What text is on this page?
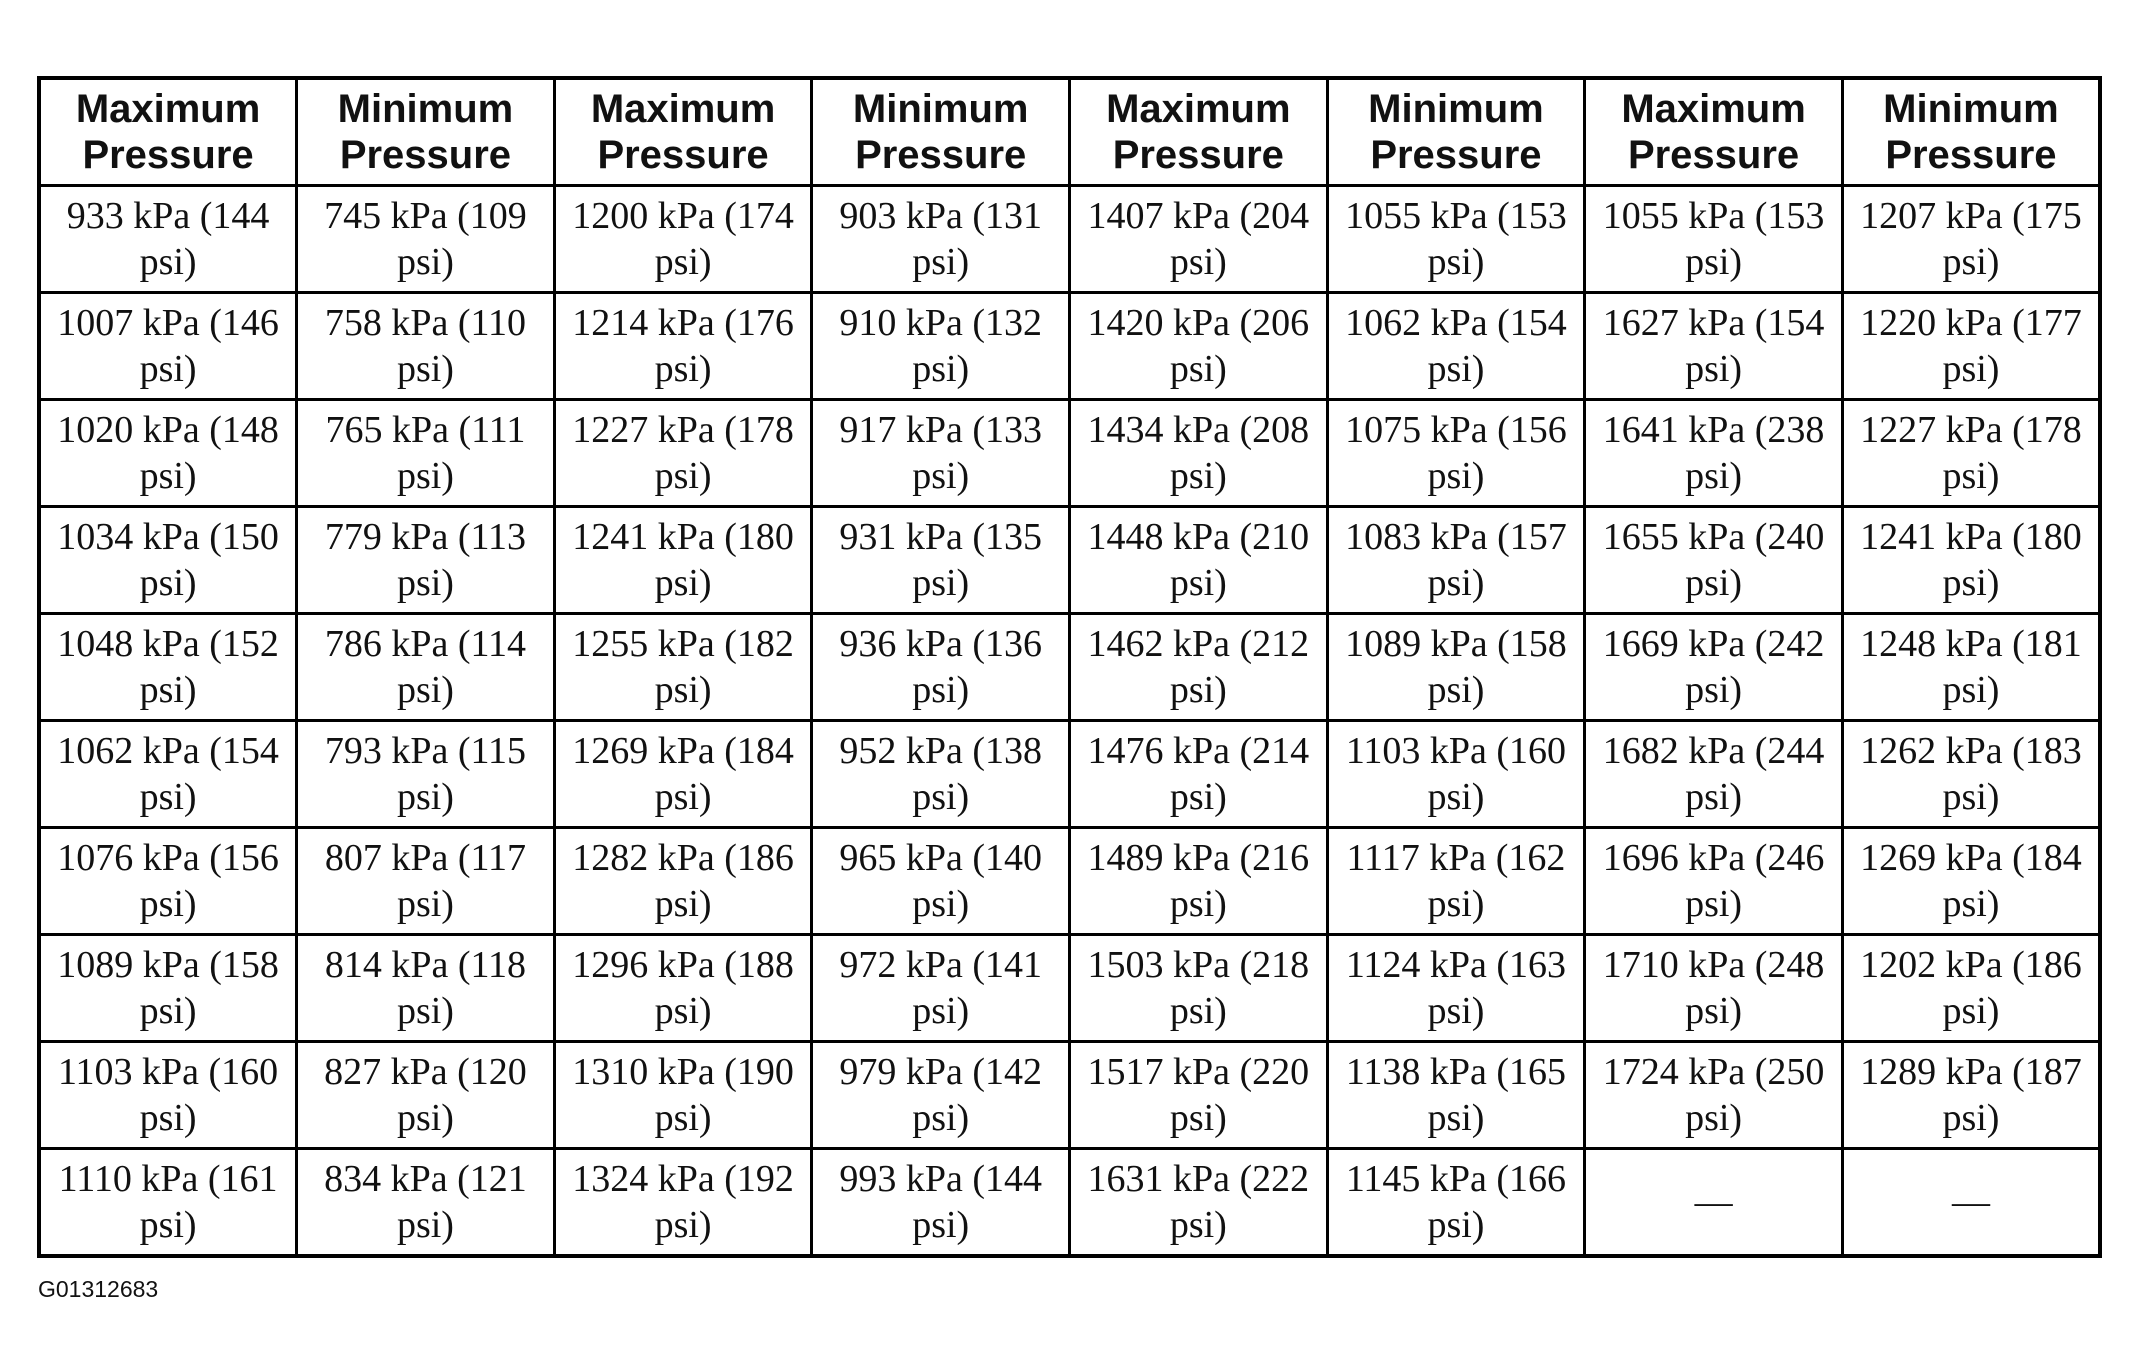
Maximum Pressure	Minimum Pressure	Maximum Pressure	Minimum Pressure	Maximum Pressure	Minimum Pressure	Maximum Pressure	Minimum Pressure
933 kPa (144 psi)	745 kPa (109 psi)	1200 kPa (174 psi)	903 kPa (131 psi)	1407 kPa (204 psi)	1055 kPa (153 psi)	1055 kPa (153 psi)	1207 kPa (175 psi)
1007 kPa (146 psi)	758 kPa (110 psi)	1214 kPa (176 psi)	910 kPa (132 psi)	1420 kPa (206 psi)	1062 kPa (154 psi)	1627 kPa (154 psi)	1220 kPa (177 psi)
1020 kPa (148 psi)	765 kPa (111 psi)	1227 kPa (178 psi)	917 kPa (133 psi)	1434 kPa (208 psi)	1075 kPa (156 psi)	1641 kPa (238 psi)	1227 kPa (178 psi)
1034 kPa (150 psi)	779 kPa (113 psi)	1241 kPa (180 psi)	931 kPa (135 psi)	1448 kPa (210 psi)	1083 kPa (157 psi)	1655 kPa (240 psi)	1241 kPa (180 psi)
1048 kPa (152 psi)	786 kPa (114 psi)	1255 kPa (182 psi)	936 kPa (136 psi)	1462 kPa (212 psi)	1089 kPa (158 psi)	1669 kPa (242 psi)	1248 kPa (181 psi)
1062 kPa (154 psi)	793 kPa (115 psi)	1269 kPa (184 psi)	952 kPa (138 psi)	1476 kPa (214 psi)	1103 kPa (160 psi)	1682 kPa (244 psi)	1262 kPa (183 psi)
1076 kPa (156 psi)	807 kPa (117 psi)	1282 kPa (186 psi)	965 kPa (140 psi)	1489 kPa (216 psi)	1117 kPa (162 psi)	1696 kPa (246 psi)	1269 kPa (184 psi)
1089 kPa (158 psi)	814 kPa (118 psi)	1296 kPa (188 psi)	972 kPa (141 psi)	1503 kPa (218 psi)	1124 kPa (163 psi)	1710 kPa (248 psi)	1202 kPa (186 psi)
1103 kPa (160 psi)	827 kPa (120 psi)	1310 kPa (190 psi)	979 kPa (142 psi)	1517 kPa (220 psi)	1138 kPa (165 psi)	1724 kPa (250 psi)	1289 kPa (187 psi)
1110 kPa (161 psi)	834 kPa (121 psi)	1324 kPa (192 psi)	993 kPa (144 psi)	1631 kPa (222 psi)	1145 kPa (166 psi)	—	—
G01312683
